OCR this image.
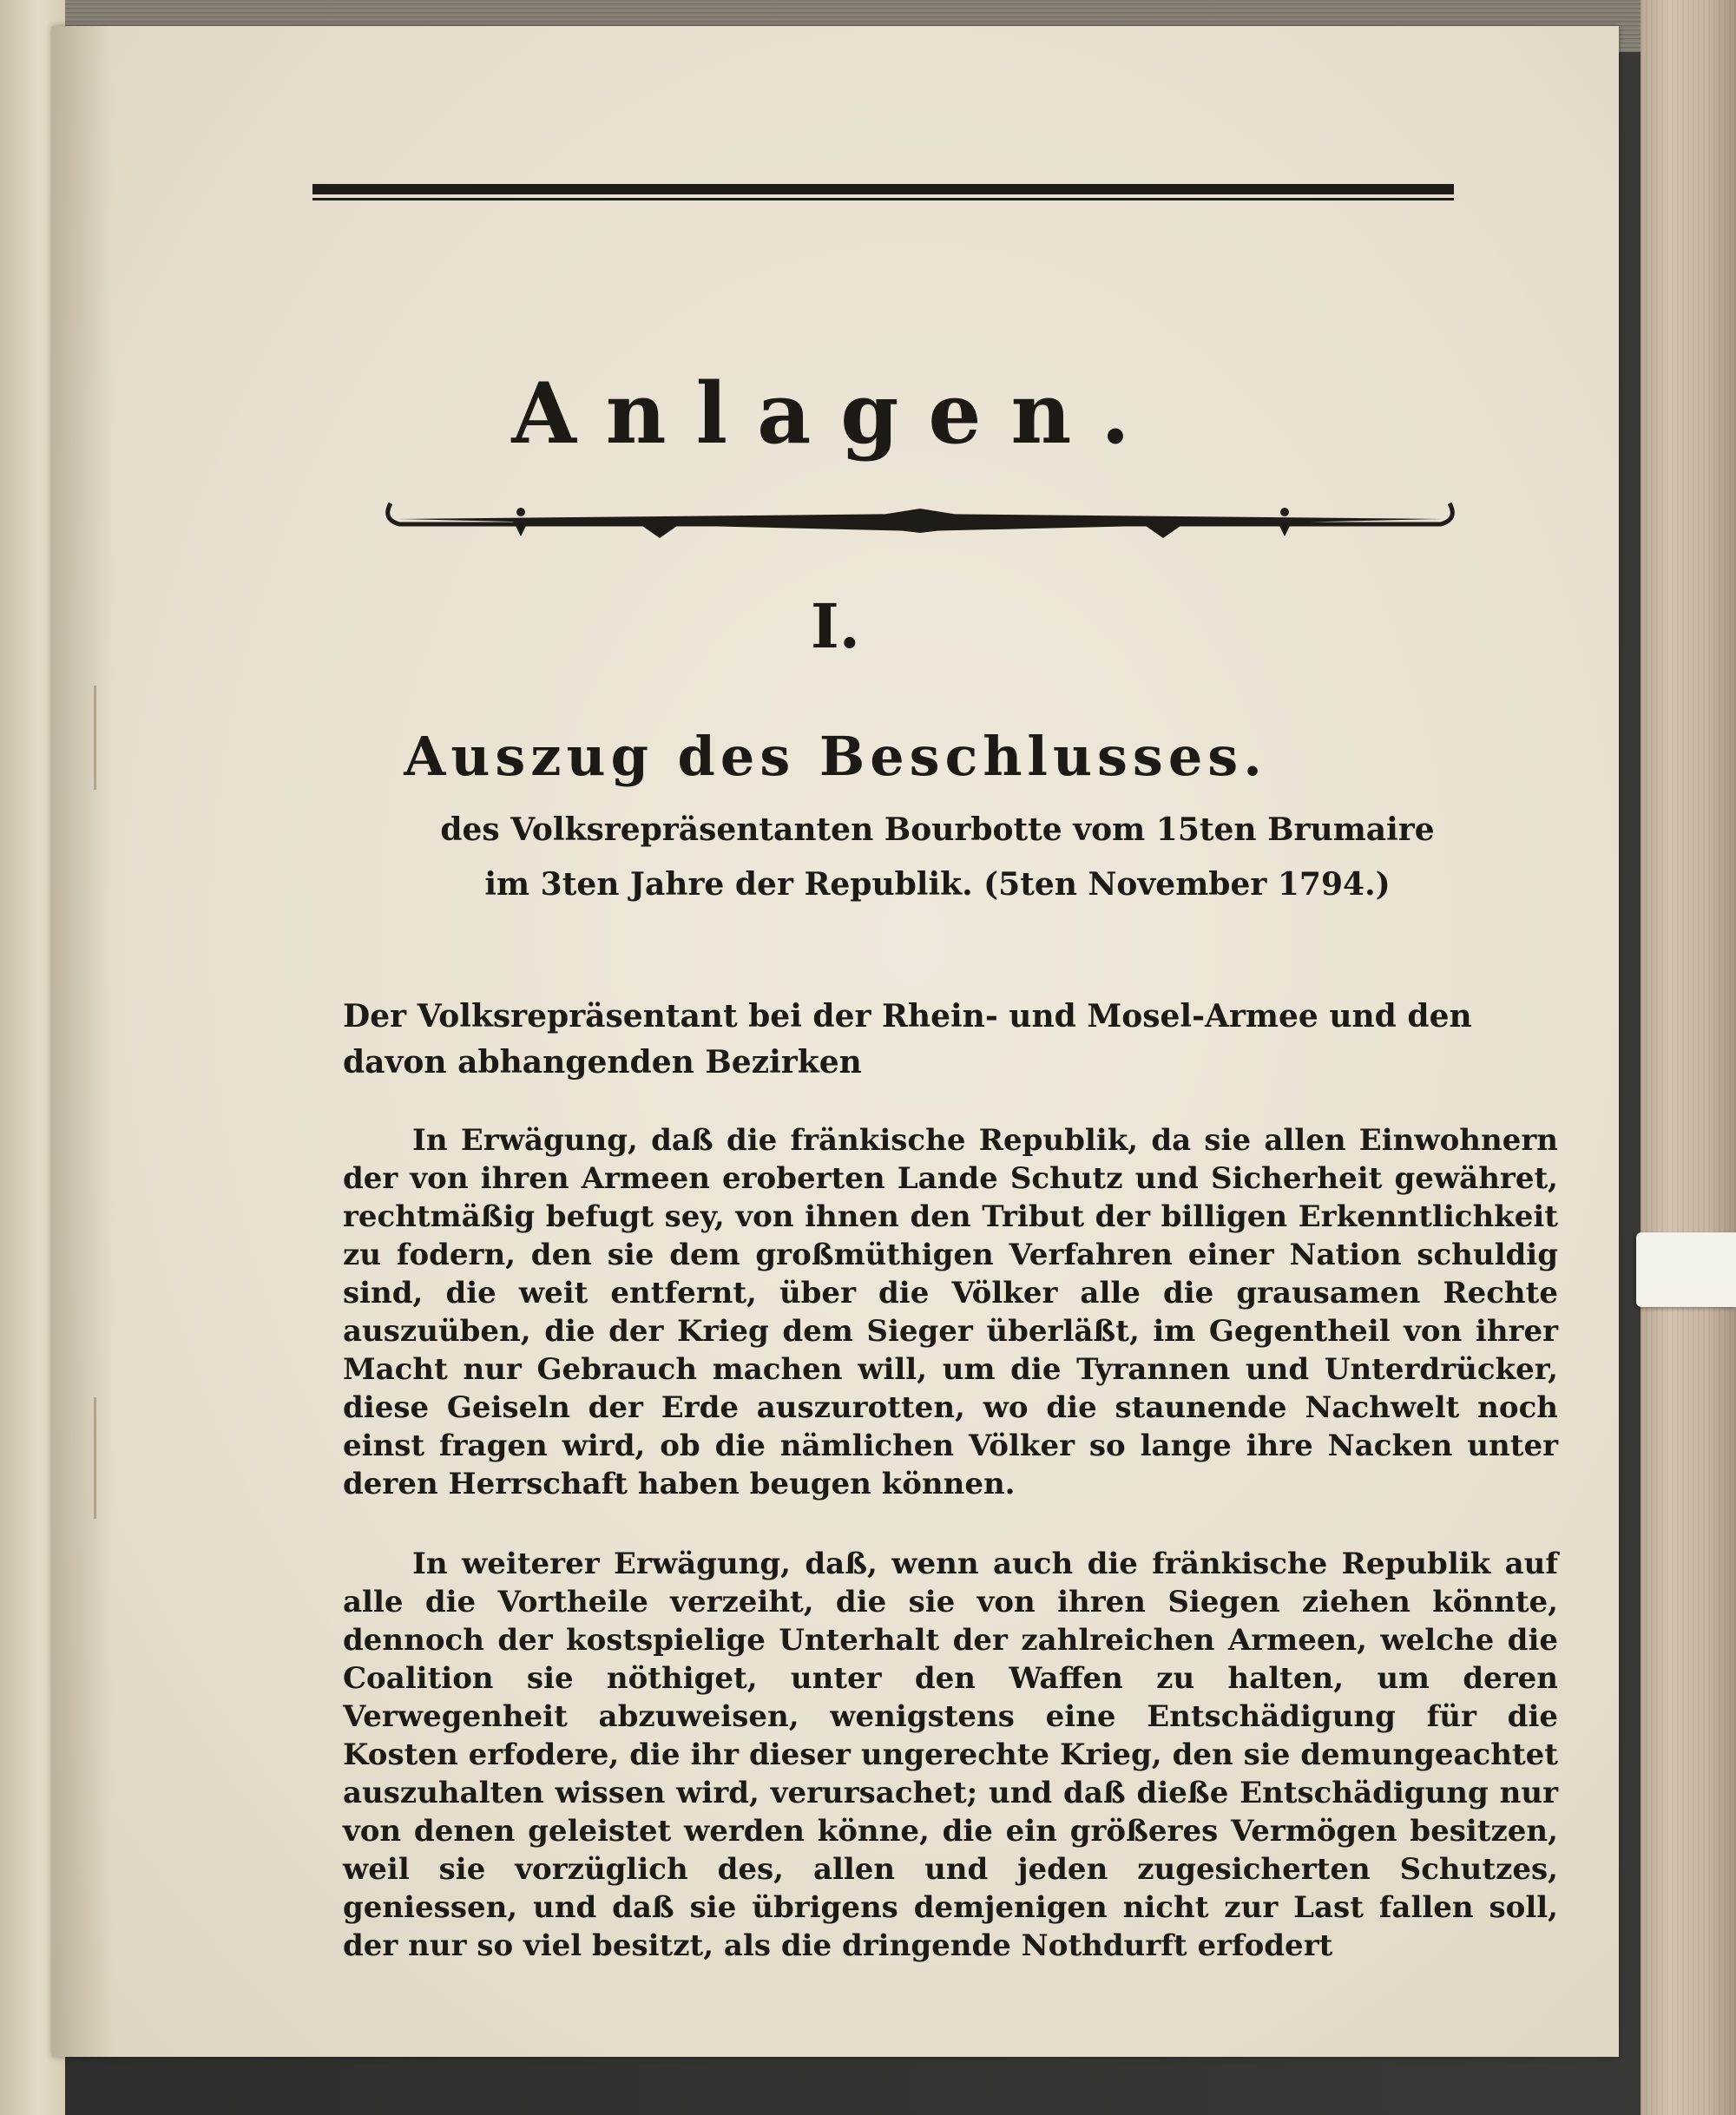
Anlagen.
I.
Auszug des Beschlusses.
des Volksrepräsentanten Bourbotte vom 15ten Brumaire
im 3ten Jahre der Republik. (5ten November 1794.)
Der Volksrepräsentant bei der Rhein- und Mosel-Armee und den davon abhangenden Bezirken
In Erwägung, daß die fränkische Republik, da sie allen Einwohnern der von ihren Armeen eroberten Lande Schutz und Sicherheit gewähret, rechtmäßig befugt sey, von ihnen den Tribut der billigen Erkenntlichkeit zu fodern, den sie dem großmüthigen Verfahren einer Nation schuldig sind, die weit entfernt, über die Völker alle die grausamen Rechte auszuüben, die der Krieg dem Sieger überläßt, im Gegentheil von ihrer Macht nur Gebrauch machen will, um die Tyrannen und Unterdrücker, diese Geiseln der Erde auszurotten, wo die staunende Nachwelt noch einst fragen wird, ob die nämlichen Völker so lange ihre Nacken unter deren Herrschaft haben beugen können.
In weiterer Erwägung, daß, wenn auch die fränkische Republik auf alle die Vortheile verzeiht, die sie von ihren Siegen ziehen könnte, dennoch der kostspielige Unterhalt der zahlreichen Armeen, welche die Coalition sie nöthiget, unter den Waffen zu halten, um deren Verwegenheit abzuweisen, wenigstens eine Entschädigung für die Kosten erfodere, die ihr dieser ungerechte Krieg, den sie demungeachtet auszuhalten wissen wird, verursachet; und daß dieße Entschädigung nur von denen geleistet werden könne, die ein größeres Vermögen besitzen, weil sie vorzüglich des, allen und jeden zugesicherten Schutzes, geniessen, und daß sie übrigens demjenigen nicht zur Last fallen soll, der nur so viel besitzt, als die dringende Nothdurft erfodert
